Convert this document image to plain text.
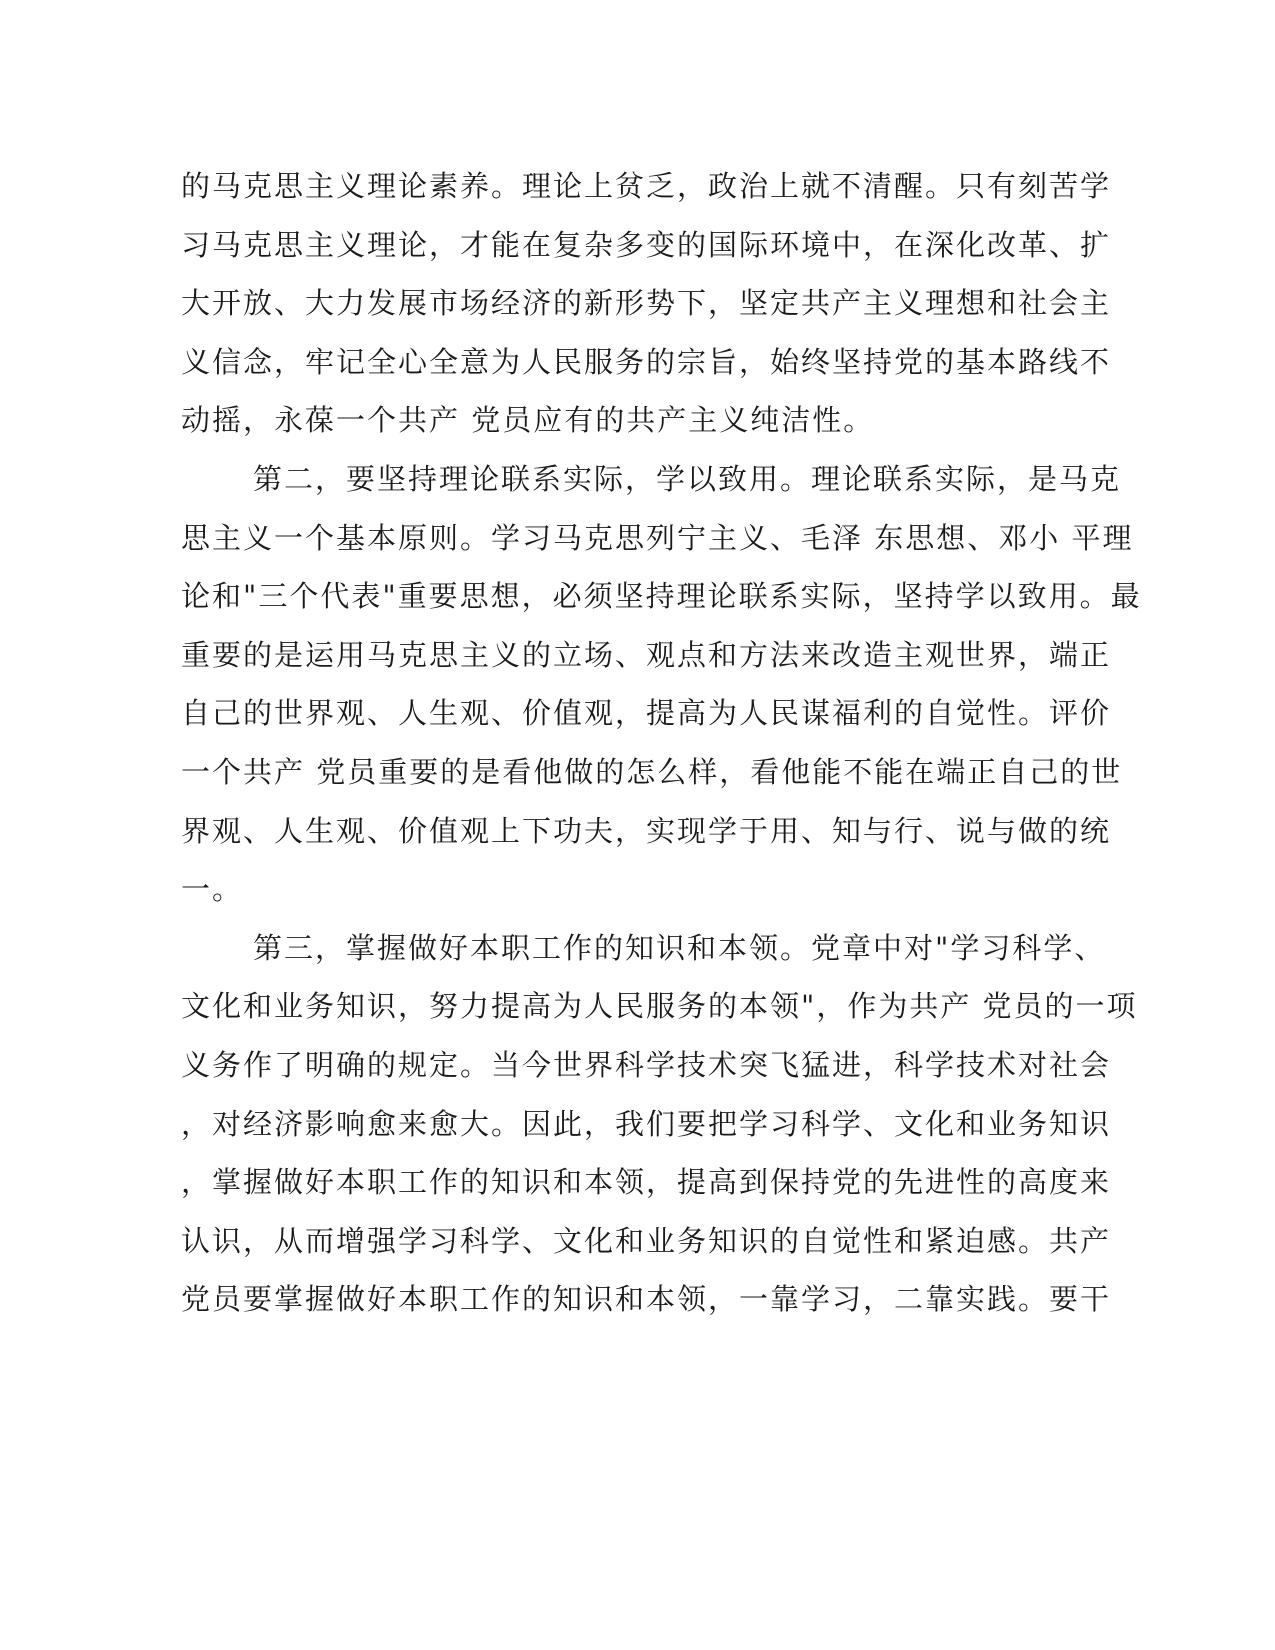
的马克思主义理论素养。理论上贫乏，政治上就不清醒。只有刻苦学
习马克思主义理论，才能在复杂多变的国际环境中，在深化改革、扩
大开放、大力发展市场经济的新形势下，坚定共产主义理想和社会主
义信念，牢记全心全意为人民服务的宗旨，始终坚持党的基本路线不
动摇，永葆一个共产 党员应有的共产主义纯洁性。
第二，要坚持理论联系实际，学以致用。理论联系实际，是马克
思主义一个基本原则。学习马克思列宁主义、毛泽 东思想、邓小 平理
论和"三个代表"重要思想，必须坚持理论联系实际，坚持学以致用。最
重要的是运用马克思主义的立场、观点和方法来改造主观世界，端正
自己的世界观、人生观、价值观，提高为人民谋福利的自觉性。评价
一个共产 党员重要的是看他做的怎么样，看他能不能在端正自己的世
界观、人生观、价值观上下功夫，实现学于用、知与行、说与做的统
一。
第三，掌握做好本职工作的知识和本领。党章中对"学习科学、
文化和业务知识，努力提高为人民服务的本领"，作为共产 党员的一项
义务作了明确的规定。当今世界科学技术突飞猛进，科学技术对社会
，对经济影响愈来愈大。因此，我们要把学习科学、文化和业务知识
，掌握做好本职工作的知识和本领，提高到保持党的先进性的高度来
认识，从而增强学习科学、文化和业务知识的自觉性和紧迫感。共产
党员要掌握做好本职工作的知识和本领，一靠学习，二靠实践。要干
